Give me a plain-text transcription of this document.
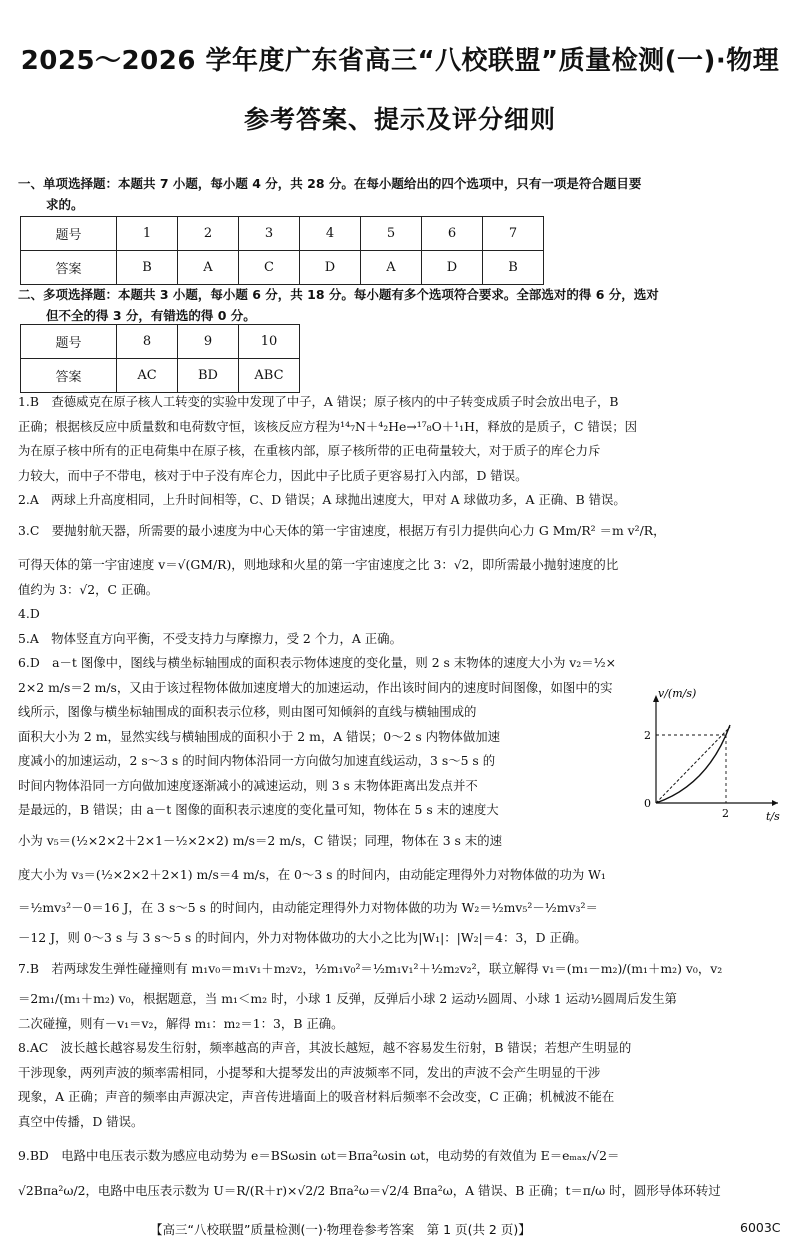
2025～2026 学年度广东省高三“八校联盟”质量检测(一)·物理
参考答案、提示及评分细则
一、单项选择题：本题共 7 小题，每小题 4 分，共 28 分。在每小题给出的四个选项中，只有一项是符合题目要
求的。
题号	1	2	3	4	5	6	7
答案	B	A	C	D	A	D	B
二、多项选择题：本题共 3 小题，每小题 6 分，共 18 分。每小题有多个选项符合要求。全部选对的得 6 分，选对
但不全的得 3 分，有错选的得 0 分。
题号	8	9	10
答案	AC	BD	ABC

1.B　查德威克在原子核人工转变的实验中发现了中子，A 错误；原子核内的中子转变成质子时会放出电子，B

正确；根据核反应中质量数和电荷数守恒，该核反应方程为¹⁴₇N＋⁴₂He→¹⁷₈O＋¹₁H，释放的是质子，C 错误；因

为在原子核中所有的正电荷集中在原子核，在重核内部，原子核所带的正电荷量较大，对于质子的库仑力斥

力较大，而中子不带电，核对于中子没有库仑力，因此中子比质子更容易打入内部，D 错误。

2.A　两球上升高度相同，上升时间相等，C、D 错误；A 球抛出速度大，甲对 A 球做功多，A 正确、B 错误。

3.C　要抛射航天器，所需要的最小速度为中心天体的第一宇宙速度，根据万有引力提供向心力 G Mm/R² ＝m v²/R，

可得天体的第一宇宙速度 v＝√(GM/R)，则地球和火星的第一宇宙速度之比 3：√2，即所需最小抛射速度的比

值约为 3：√2，C 正确。

4.D

5.A　物体竖直方向平衡，不受支持力与摩擦力，受 2 个力，A 正确。

6.D　a－t 图像中，图线与横坐标轴围成的面积表示物体速度的变化量，则 2 s 末物体的速度大小为 v₂＝½×

2×2 m/s＝2 m/s，又由于该过程物体做加速度增大的加速运动，作出该时间内的速度时间图像，如图中的实

线所示，图像与横坐标轴围成的面积表示位移，则由图可知倾斜的直线与横轴围成的

面积大小为 2 m，显然实线与横轴围成的面积小于 2 m，A 错误；0～2 s 内物体做加速

度减小的加速运动，2 s～3 s 的时间内物体沿同一方向做匀加速直线运动，3 s～5 s 的

时间内物体沿同一方向做加速度逐渐减小的减速运动，则 3 s 末物体距离出发点并不

是最远的，B 错误；由 a－t 图像的面积表示速度的变化量可知，物体在 5 s 末的速度大

小为 v₅＝(½×2×2＋2×1－½×2×2) m/s＝2 m/s，C 错误；同理，物体在 3 s 末的速

度大小为 v₃＝(½×2×2＋2×1) m/s＝4 m/s，在 0～3 s 的时间内，由动能定理得外力对物体做的功为 W₁

＝½mv₃²－0＝16 J，在 3 s～5 s 的时间内，由动能定理得外力对物体做的功为 W₂＝½mv₅²－½mv₃²＝

－12 J，则 0～3 s 与 3 s～5 s 的时间内，外力对物体做功的大小之比为|W₁|：|W₂|＝4：3，D 正确。

7.B　若两球发生弹性碰撞则有 m₁v₀＝m₁v₁＋m₂v₂，½m₁v₀²＝½m₁v₁²＋½m₂v₂²，联立解得 v₁＝(m₁－m₂)/(m₁＋m₂) v₀，v₂

＝2m₁/(m₁＋m₂) v₀，根据题意，当 m₁＜m₂ 时，小球 1 反弹，反弹后小球 2 运动½圆周、小球 1 运动½圆周后发生第

二次碰撞，则有－v₁＝v₂，解得 m₁：m₂＝1：3，B 正确。

8.AC　波长越长越容易发生衍射，频率越高的声音，其波长越短，越不容易发生衍射，B 错误；若想产生明显的

干涉现象，两列声波的频率需相同，小提琴和大提琴发出的声波频率不同，发出的声波不会产生明显的干涉

现象，A 正确；声音的频率由声源决定，声音传进墙面上的吸音材料后频率不会改变，C 正确；机械波不能在

真空中传播，D 错误。

9.BD　电路中电压表示数为感应电动势为 e＝BSωsin ωt＝Bπa²ωsin ωt，电动势的有效值为 E＝eₘₐₓ/√2＝

√2Bπa²ω/2，电路中电压表示数为 U＝R/(R＋r)×√2/2 Bπa²ω＝√2/4 Bπa²ω，A 错误、B 正确；t＝π/ω 时，圆形导体环转过

v/(m/s)
t/s
0
2
2
【高三“八校联盟”质量检测(一)·物理卷参考答案　第 1 页(共 2 页)】	6003C
